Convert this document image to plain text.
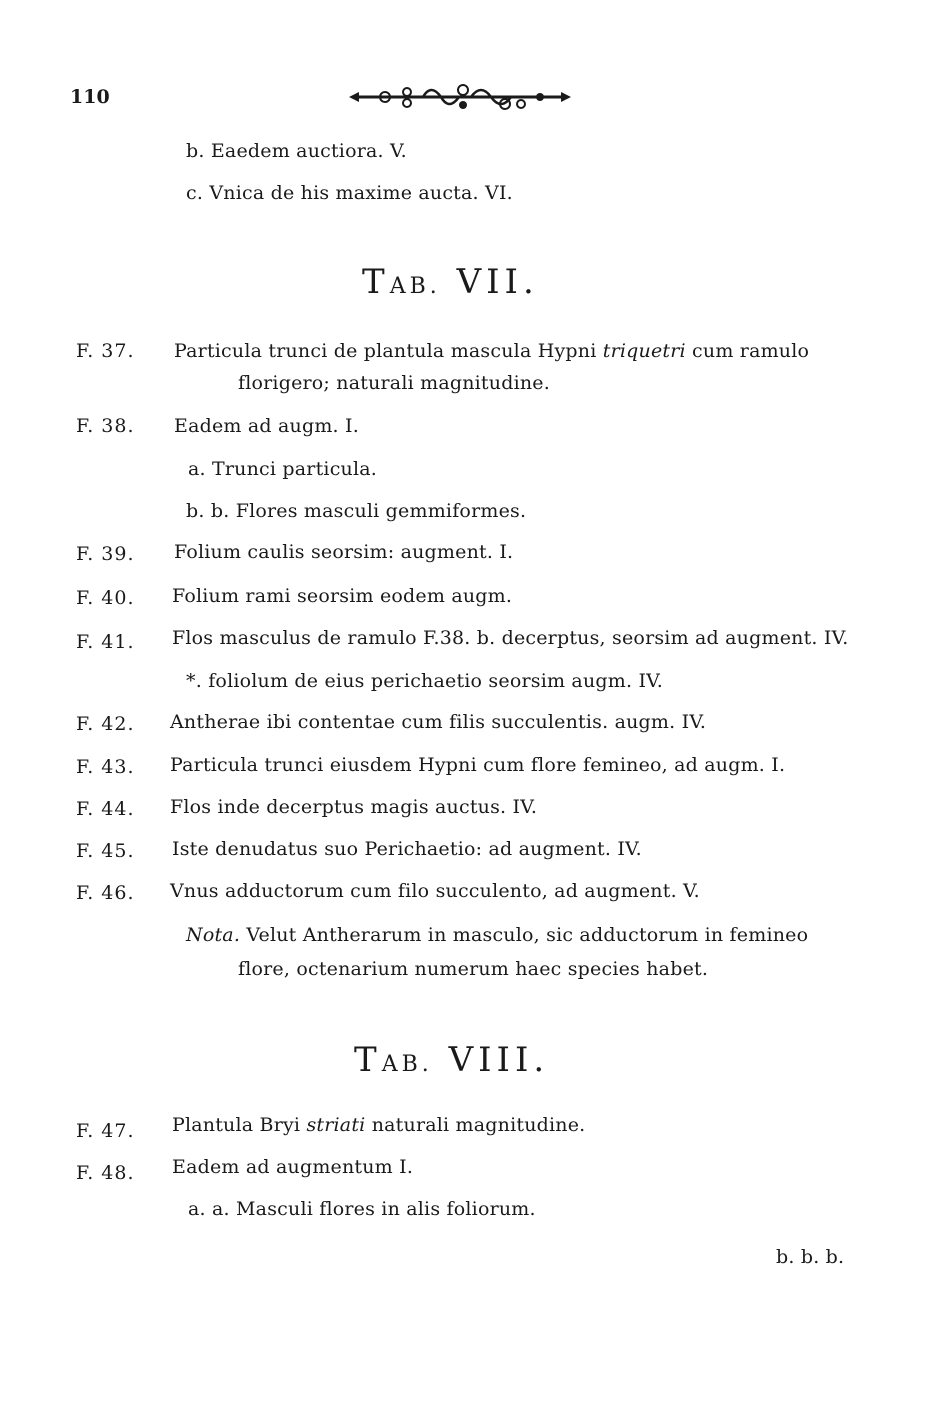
110
b. Eaedem auctiora. V.
c. Vnica de his maxime aucta. VI.
TAB. VII.
F. 37. Particula trunci de plantula mascula Hypni triquetri cum ramulo
florigero; naturali magnitudine.
F. 38. Eadem ad augm. I.
a. Trunci particula.
b. b. Flores masculi gemmiformes.
F. 39. Folium caulis seorsim: augment. I.
F. 40. Folium rami seorsim eodem augm.
F. 41. Flos masculus de ramulo F.38. b. decerptus, seorsim ad augment. IV.
*. foliolum de eius perichaetio seorsim augm. IV.
F. 42. Antherae ibi contentae cum filis succulentis. augm. IV.
F. 43. Particula trunci eiusdem Hypni cum flore femineo, ad augm. I.
F. 44. Flos inde decerptus magis auctus. IV.
F. 45. Iste denudatus suo Perichaetio: ad augment. IV.
F. 46. Vnus adductorum cum filo succulento, ad augment. V.
Nota. Velut Antherarum in masculo, sic adductorum in femineo
flore, octenarium numerum haec species habet.
TAB. VIII.
F. 47. Plantula Bryi striati naturali magnitudine.
F. 48. Eadem ad augmentum I.
a. a. Masculi flores in alis foliorum.
b. b. b.
